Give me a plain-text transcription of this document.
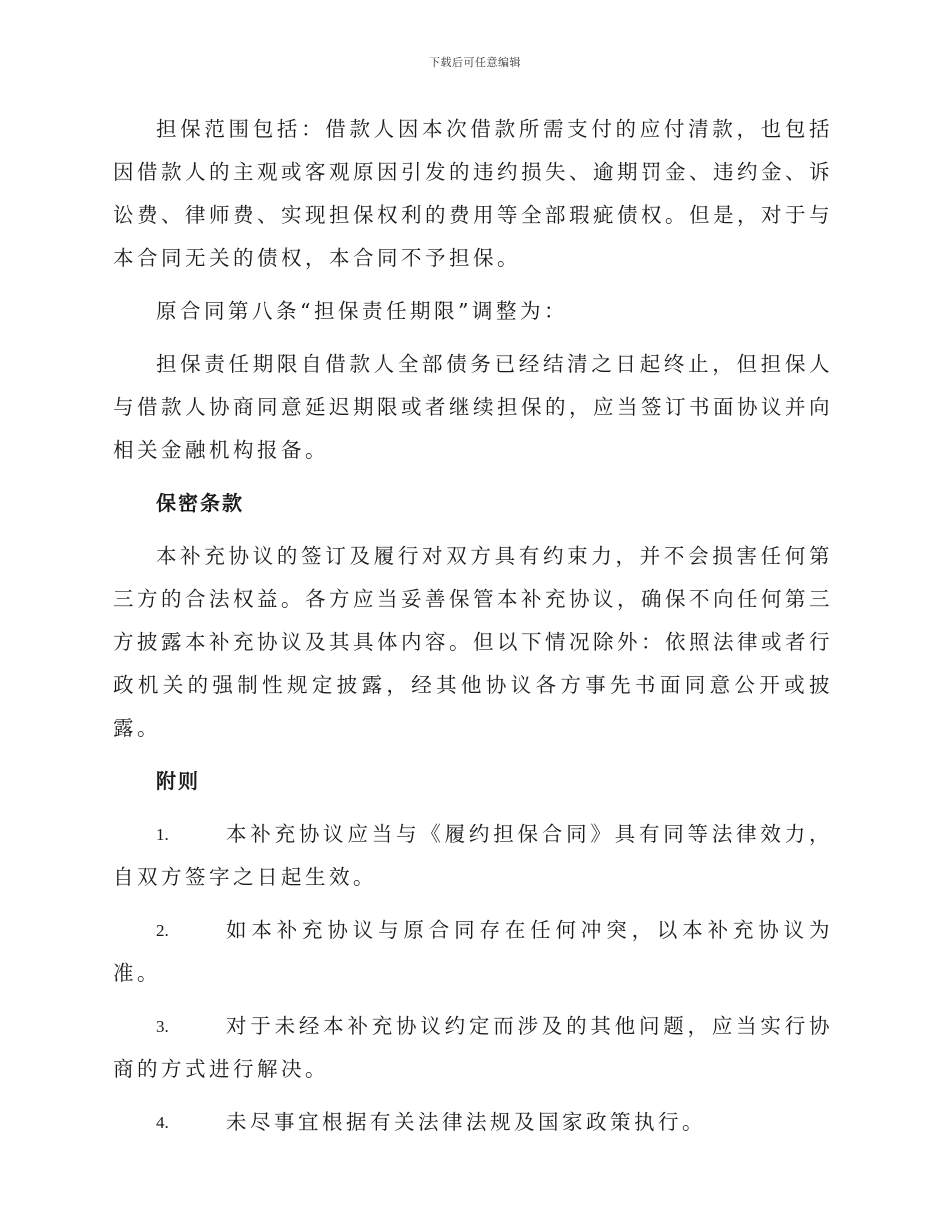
下载后可任意编辑

担保范围包括：借款人因本次借款所需支付的应付清款，也包括因借款人的主观或客观原因引发的违约损失、逾期罚金、违约金、诉讼费、律师费、实现担保权利的费用等全部瑕疵债权。但是，对于与本合同无关的债权，本合同不予担保。

原合同第八条“担保责任期限”调整为：

担保责任期限自借款人全部债务已经结清之日起终止，但担保人与借款人协商同意延迟期限或者继续担保的，应当签订书面协议并向相关金融机构报备。

保密条款

本补充协议的签订及履行对双方具有约束力，并不会损害任何第三方的合法权益。各方应当妥善保管本补充协议，确保不向任何第三方披露本补充协议及其具体内容。但以下情况除外：依照法律或者行政机关的强制性规定披露，经其他协议各方事先书面同意公开或披露。

附则
1.	本补充协议应当与《履约担保合同》具有同等法律效力，自双方签字之日起生效。
2.	如本补充协议与原合同存在任何冲突，以本补充协议为准。
3.	对于未经本补充协议约定而涉及的其他问题，应当实行协商的方式进行解决。
4.	未尽事宜根据有关法律法规及国家政策执行。
